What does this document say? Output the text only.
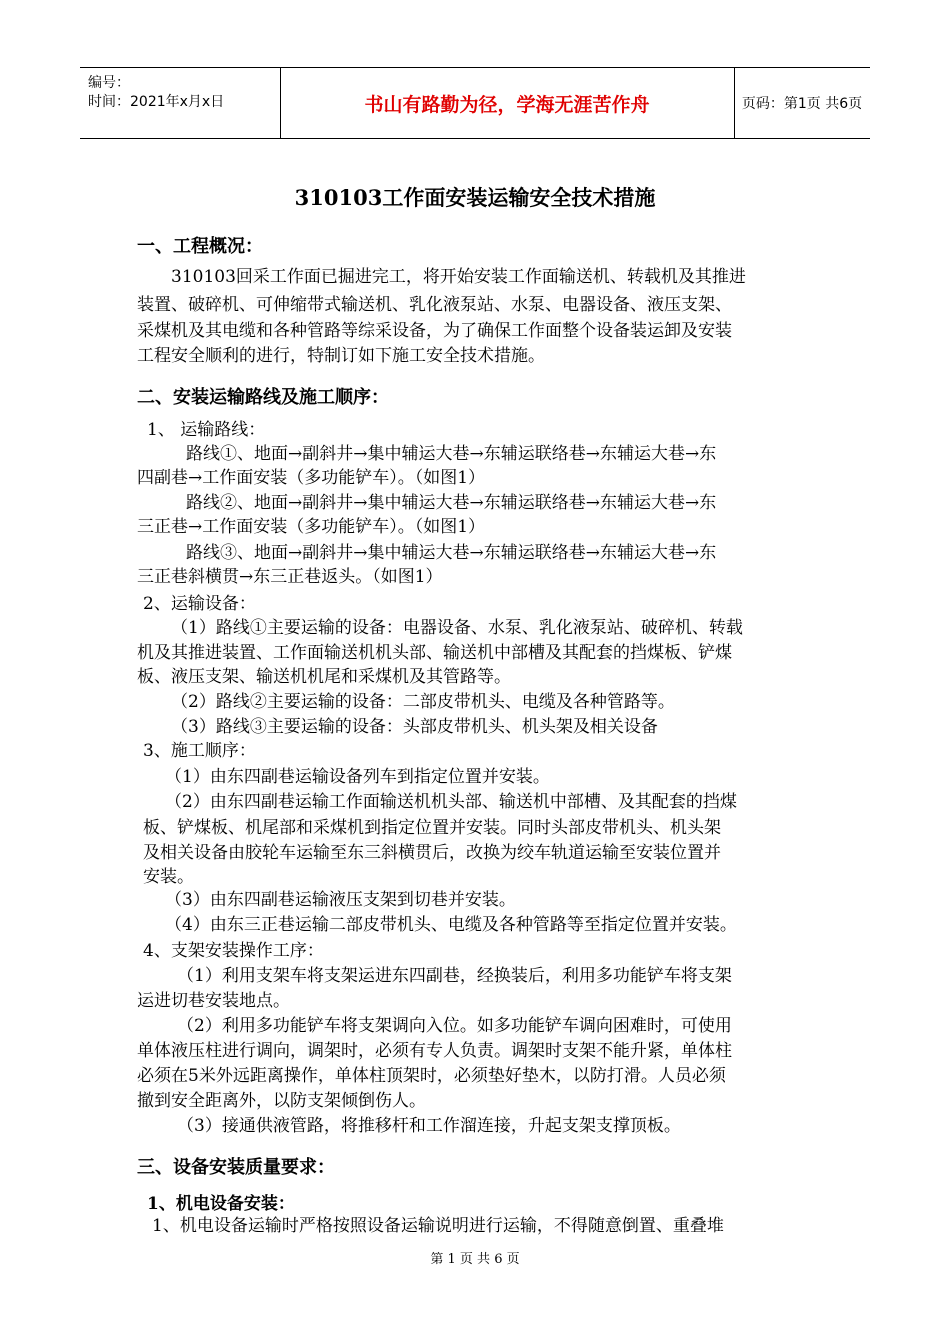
编号：
时间：2021年x月x日	书山有路勤为径，学海无涯苦作舟	页码：第1页 共6页
310103工作面安装运输安全技术措施
一、工程概况：
310103回采工作面已掘进完工，将开始安装工作面输送机、转载机及其推进
装置、破碎机、可伸缩带式输送机、乳化液泵站、水泵、电器设备、液压支架、
采煤机及其电缆和各种管路等综采设备，为了确保工作面整个设备装运卸及安装
工程安全顺利的进行，特制订如下施工安全技术措施。
二、安装运输路线及施工顺序：
1、 运输路线：
路线①、地面→副斜井→集中辅运大巷→东辅运联络巷→东辅运大巷→东
四副巷→工作面安装（多功能铲车）。（如图1）
路线②、地面→副斜井→集中辅运大巷→东辅运联络巷→东辅运大巷→东
三正巷→工作面安装（多功能铲车）。（如图1）
路线③、地面→副斜井→集中辅运大巷→东辅运联络巷→东辅运大巷→东
三正巷斜横贯→东三正巷返头。（如图1）
2、运输设备：
（1）路线①主要运输的设备：电器设备、水泵、乳化液泵站、破碎机、转载
机及其推进装置、工作面输送机机头部、输送机中部槽及其配套的挡煤板、铲煤
板、液压支架、输送机机尾和采煤机及其管路等。
（2）路线②主要运输的设备：二部皮带机头、电缆及各种管路等。
（3）路线③主要运输的设备：头部皮带机头、机头架及相关设备
3、施工顺序：
（1）由东四副巷运输设备列车到指定位置并安装。
（2）由东四副巷运输工作面输送机机头部、输送机中部槽、及其配套的挡煤
板、铲煤板、机尾部和采煤机到指定位置并安装。同时头部皮带机头、机头架
及相关设备由胶轮车运输至东三斜横贯后，改换为绞车轨道运输至安装位置并
安装。
（3）由东四副巷运输液压支架到切巷并安装。
（4）由东三正巷运输二部皮带机头、电缆及各种管路等至指定位置并安装。
4、支架安装操作工序：
（1）利用支架车将支架运进东四副巷，经换装后，利用多功能铲车将支架
运进切巷安装地点。
（2）利用多功能铲车将支架调向入位。如多功能铲车调向困难时，可使用
单体液压柱进行调向，调架时，必须有专人负责。调架时支架不能升紧，单体柱
必须在5米外远距离操作，单体柱顶架时，必须垫好垫木，以防打滑。人员必须
撤到安全距离外，以防支架倾倒伤人。
（3）接通供液管路，将推移杆和工作溜连接，升起支架支撑顶板。
三、设备安装质量要求：
1、机电设备安装：
1、机电设备运输时严格按照设备运输说明进行运输，不得随意倒置、重叠堆
第 1 页 共 6 页
